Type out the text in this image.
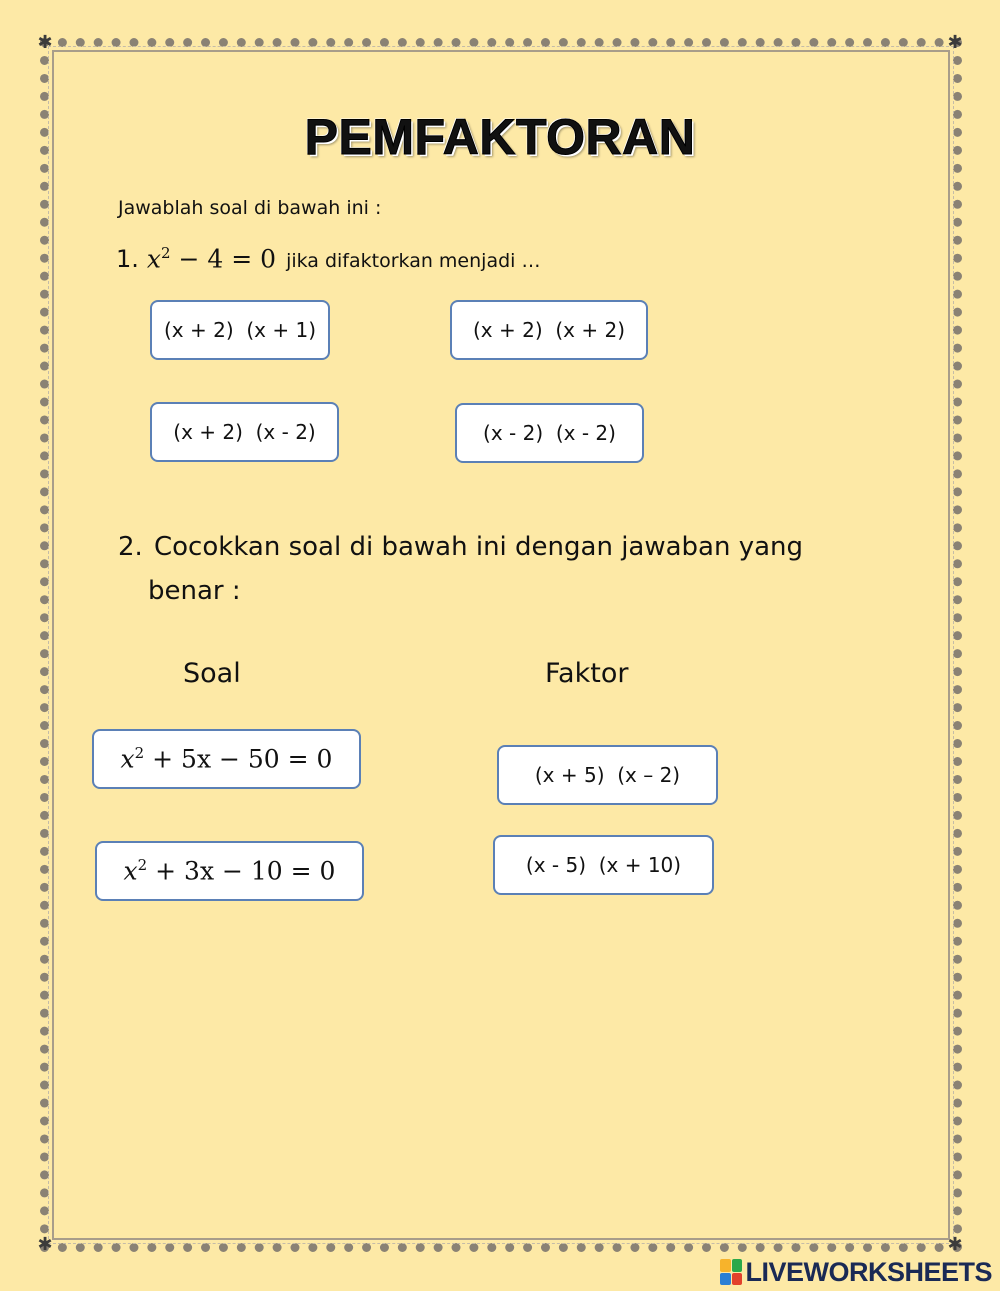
✱	✱
✱	✱
PEMFAKTORAN
Jawablah soal di bawah ini :
1. $x^2 - 4 = 0$ jika difaktorkan menjadi …
(x + 2)  (x + 1)	(x + 2)  (x + 2)
(x + 2)  (x - 2)	(x - 2)  (x - 2)
2. Cocokkan soal di bawah ini dengan jawaban yang
benar :
Soal	Faktor
$x^2 + 5x - 50 = 0$
$x^2 + 3x - 10 = 0$
(x + 5)  (x – 2)
(x - 5)  (x + 10)
LIVEWORKSHEETS
